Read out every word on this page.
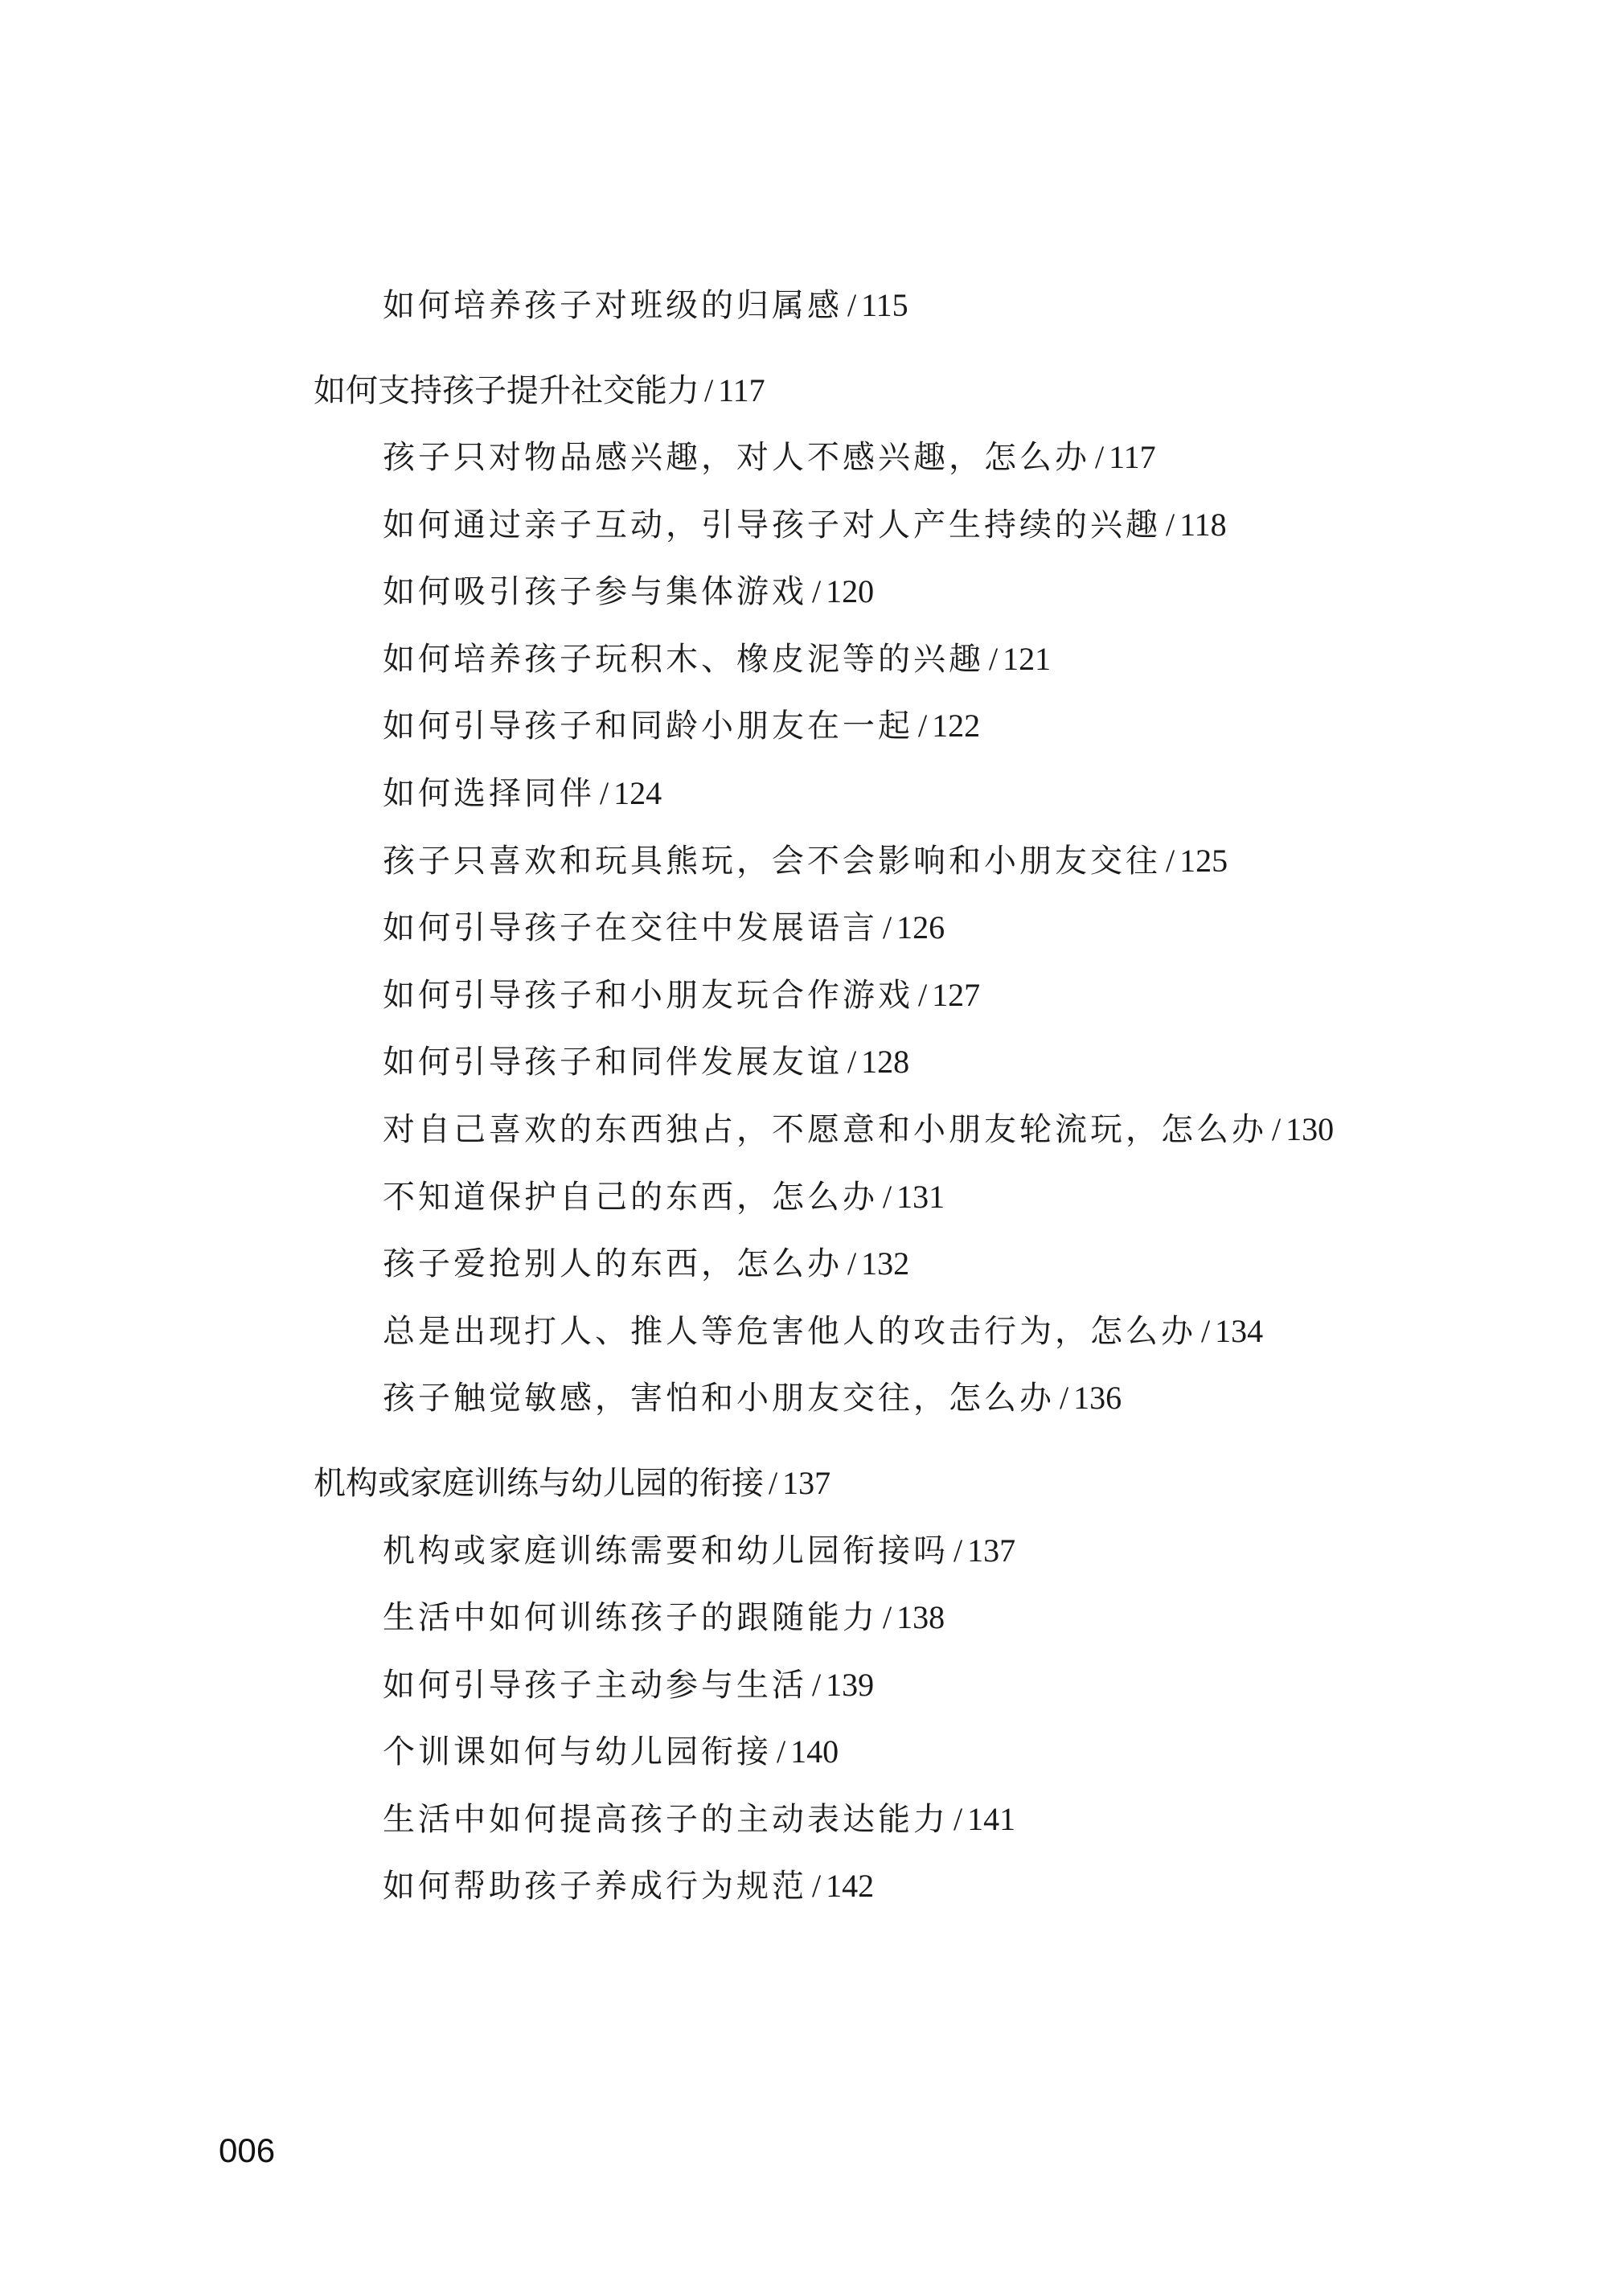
如何培养孩子对班级的归属感 / 115
如何支持孩子提升社交能力 / 117
孩子只对物品感兴趣，对人不感兴趣，怎么办 / 117
如何通过亲子互动，引导孩子对人产生持续的兴趣 / 118
如何吸引孩子参与集体游戏 / 120
如何培养孩子玩积木、橡皮泥等的兴趣 / 121
如何引导孩子和同龄小朋友在一起 / 122
如何选择同伴 / 124
孩子只喜欢和玩具熊玩，会不会影响和小朋友交往 / 125
如何引导孩子在交往中发展语言 / 126
如何引导孩子和小朋友玩合作游戏 / 127
如何引导孩子和同伴发展友谊 / 128
对自己喜欢的东西独占，不愿意和小朋友轮流玩，怎么办 / 130
不知道保护自己的东西，怎么办 / 131
孩子爱抢别人的东西，怎么办 / 132
总是出现打人、推人等危害他人的攻击行为，怎么办 / 134
孩子触觉敏感，害怕和小朋友交往，怎么办 / 136
机构或家庭训练与幼儿园的衔接 / 137
机构或家庭训练需要和幼儿园衔接吗 / 137
生活中如何训练孩子的跟随能力 / 138
如何引导孩子主动参与生活 / 139
个训课如何与幼儿园衔接 / 140
生活中如何提高孩子的主动表达能力 / 141
如何帮助孩子养成行为规范 / 142
006
